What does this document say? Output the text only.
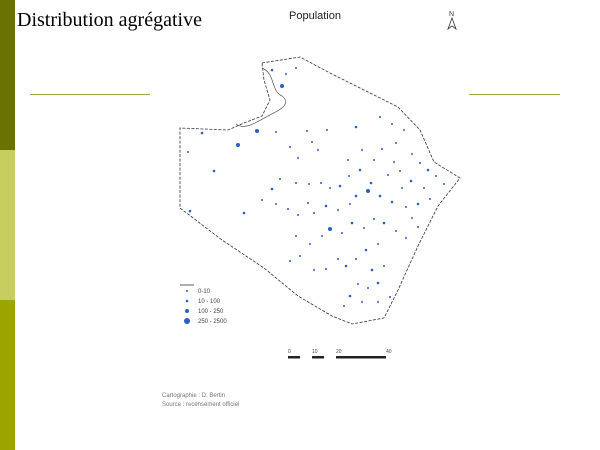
Distribution agrégative
0-10
10 - 100
100 - 250
250 - 2500
0	10	20	40
Population	N
Cartographie : D. Bertin
Source : recensement officiel
